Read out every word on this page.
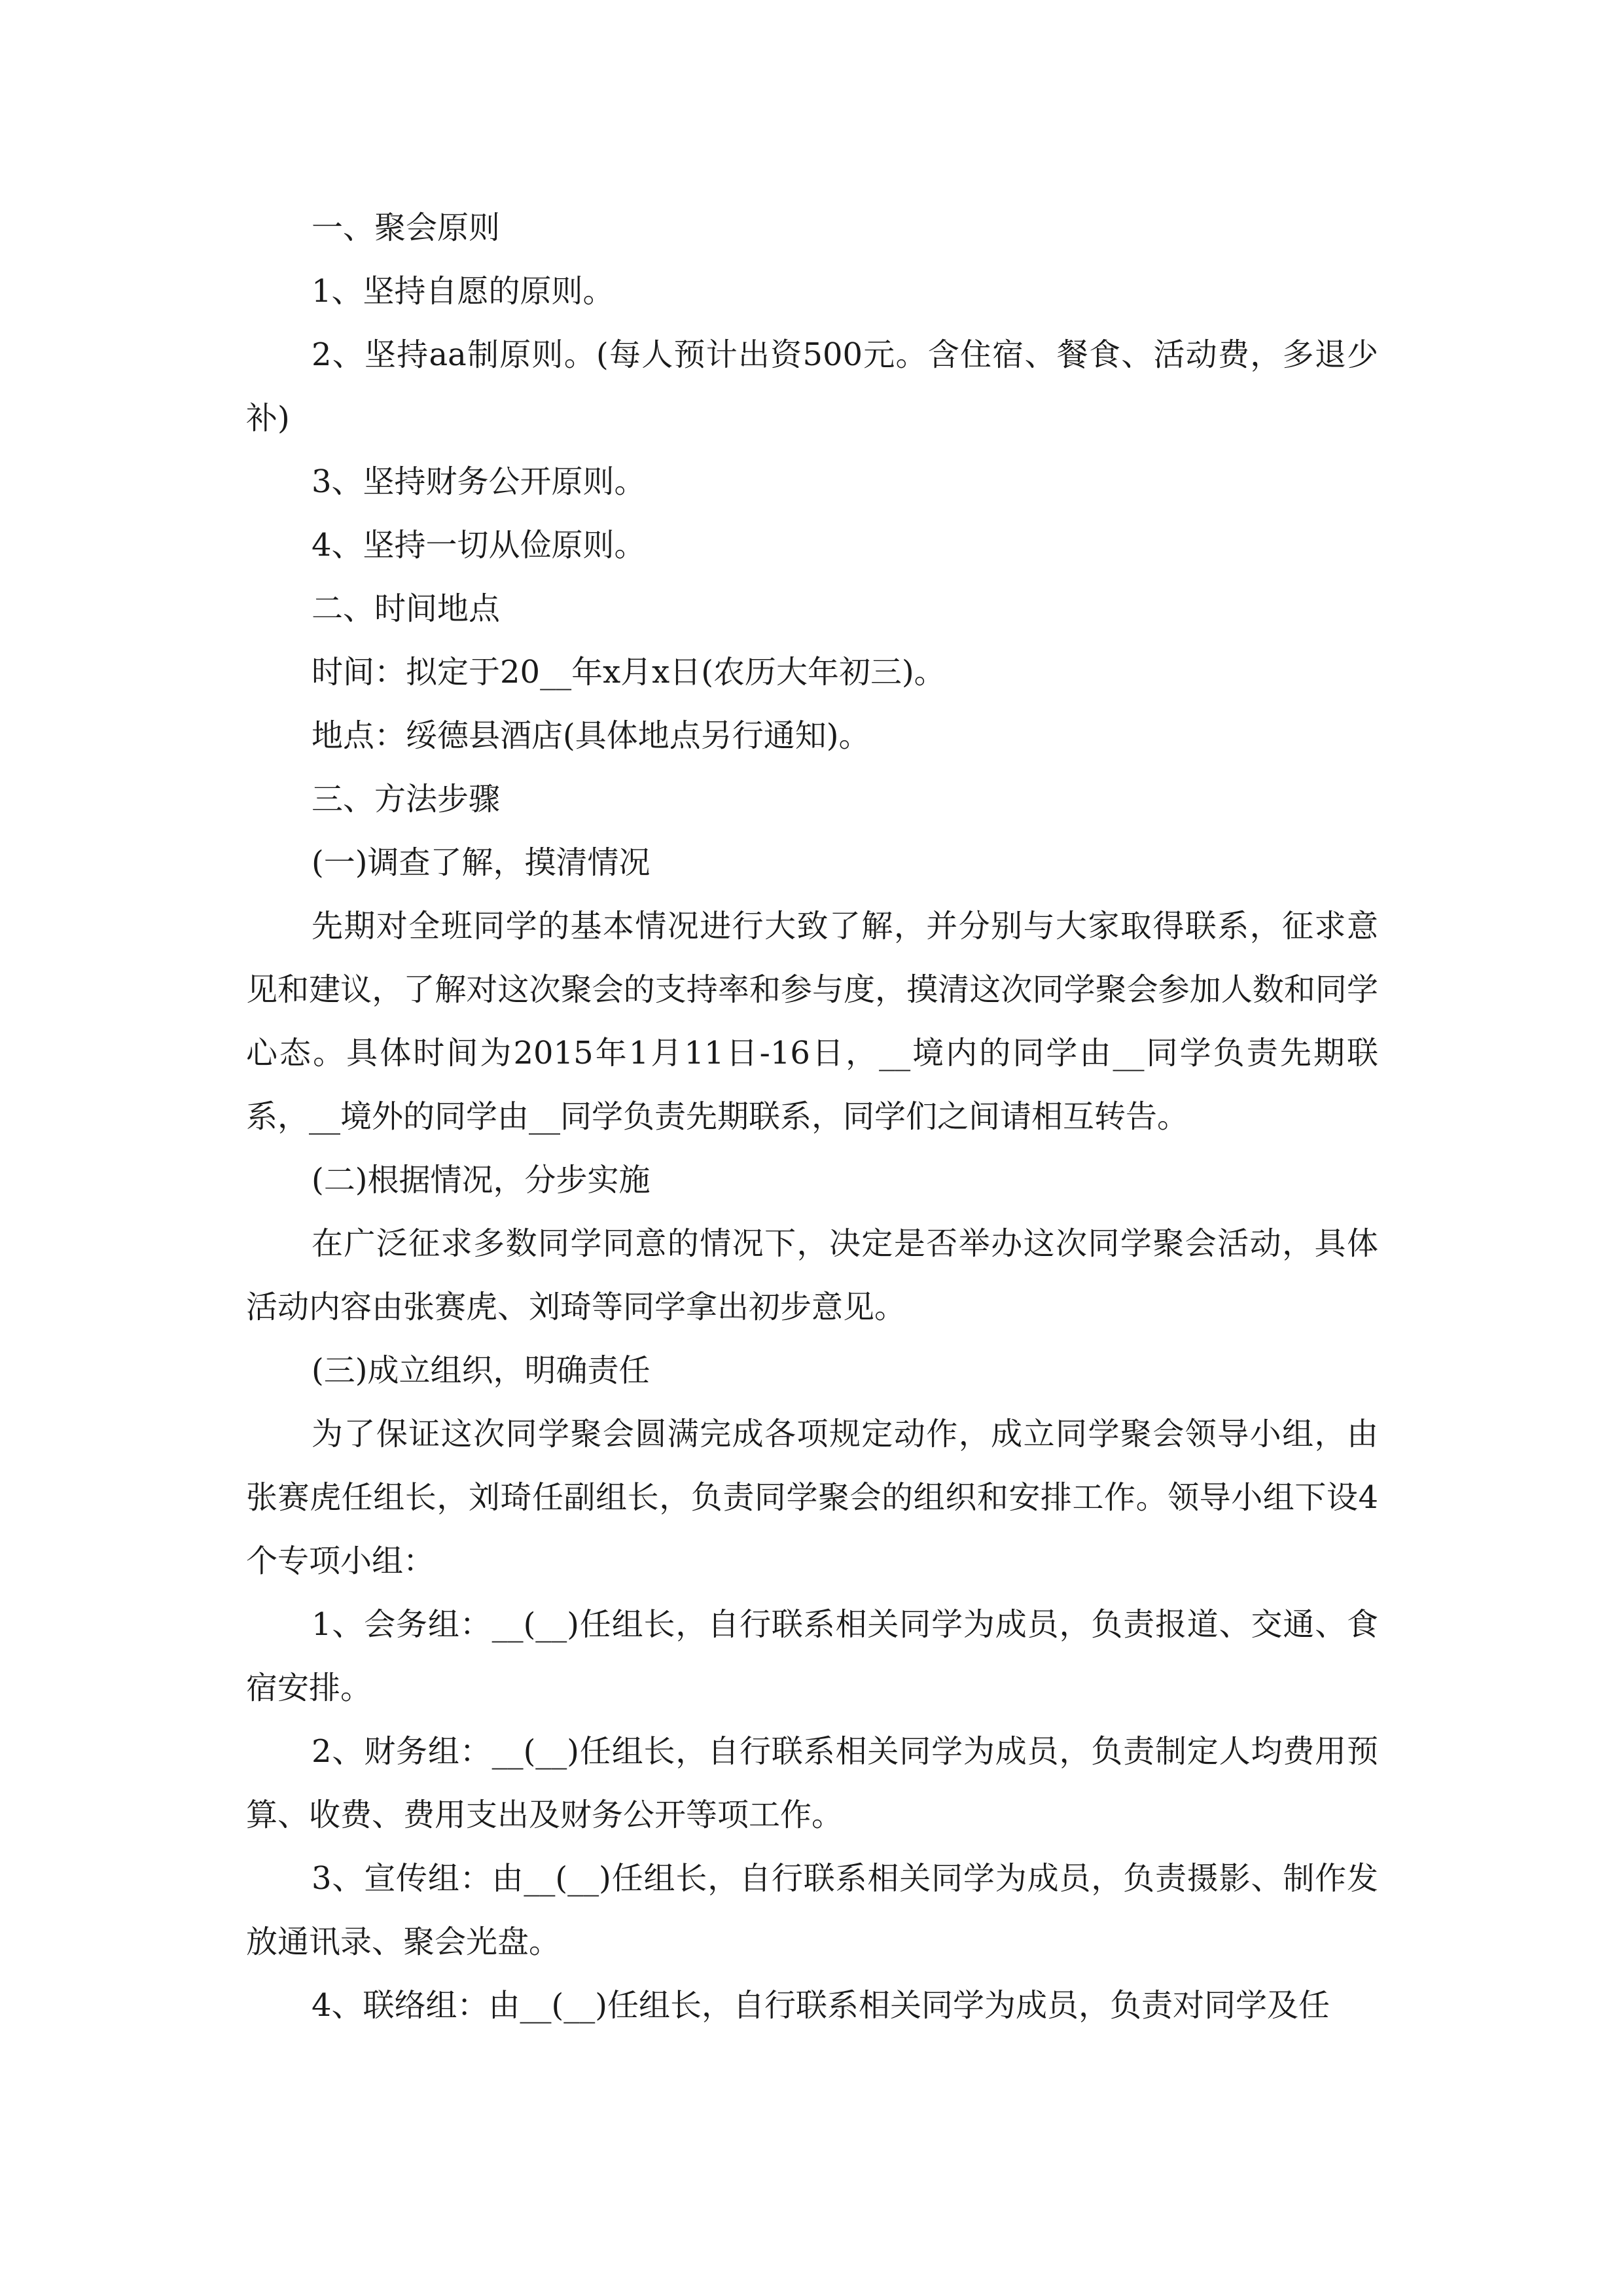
一、聚会原则

1、坚持自愿的原则。

2、坚持aa制原则。(每人预计出资500元。含住宿、餐食、活动费，多退少补)

3、坚持财务公开原则。

4、坚持一切从俭原则。

二、时间地点

时间：拟定于20__年x月x日(农历大年初三)。

地点：绥德县酒店(具体地点另行通知)。

三、方法步骤

(一)调查了解，摸清情况

先期对全班同学的基本情况进行大致了解，并分别与大家取得联系，征求意见和建议，了解对这次聚会的支持率和参与度，摸清这次同学聚会参加人数和同学心态。具体时间为2015年1月11日-16日，__境内的同学由__同学负责先期联系，__境外的同学由__同学负责先期联系，同学们之间请相互转告。

(二)根据情况，分步实施

在广泛征求多数同学同意的情况下，决定是否举办这次同学聚会活动，具体活动内容由张赛虎、刘琦等同学拿出初步意见。

(三)成立组织，明确责任

为了保证这次同学聚会圆满完成各项规定动作，成立同学聚会领导小组，由张赛虎任组长，刘琦任副组长，负责同学聚会的组织和安排工作。领导小组下设4个专项小组：

1、会务组：__(__)任组长，自行联系相关同学为成员，负责报道、交通、食宿安排。

2、财务组：__(__)任组长，自行联系相关同学为成员，负责制定人均费用预算、收费、费用支出及财务公开等项工作。

3、宣传组：由__(__)任组长，自行联系相关同学为成员，负责摄影、制作发放通讯录、聚会光盘。

4、联络组：由__(__)任组长，自行联系相关同学为成员，负责对同学及任
